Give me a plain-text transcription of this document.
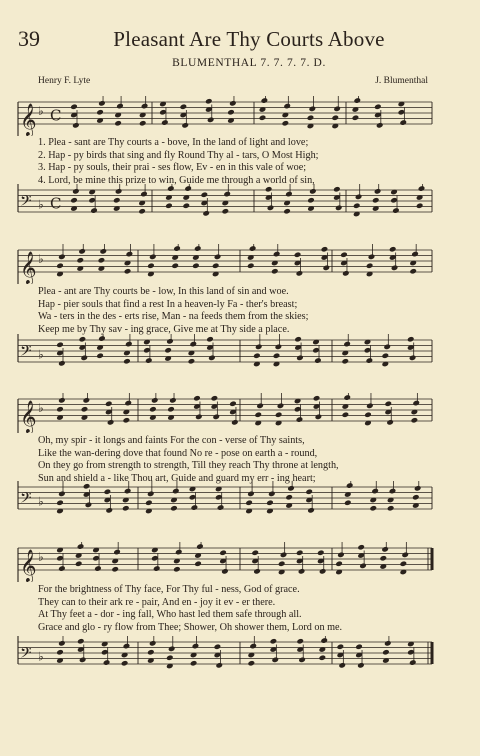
39	Pleasant Are Thy Courts Above
BLUMENTHAL 7. 7. 7. 7. D.
Henry F. Lyte	J. Blumenthal
𝄞 ♭ C
1. Plea - sant are Thy courts a - bove, In the land of light and love;
2. Hap - py birds that sing and fly Round Thy al - tars, O Most High;
3. Hap - py souls, their prai - ses flow, Ev - en in this vale of woe;
4. Lord, be mine this prize to win, Guide me through a world of sin,
𝄢 ♭ C
𝄞 ♭
Plea - ant are Thy courts be - low, In this land of sin and woe.
Hap - pier souls that find a rest In a heaven-ly Fa - ther's breast;
Wa - ters in the des - erts rise, Man - na feeds them from the skies;
Keep me by Thy sav - ing grace, Give me at Thy side a place.
𝄢 ♭
𝄞 ♭
Oh, my spir - it longs and faints For the con - verse of Thy saints,
Like the wan-dering dove that found No re - pose on earth a - round,
On they go from strength to strength, Till they reach Thy throne at length,
Sun and shield a - like Thou art, Guide and guard my err - ing heart;
𝄢 ♭
𝄞 ♭
For the brightness of Thy face, For Thy ful - ness, God of grace.
They can to their ark re - pair, And en - joy it ev - er there.
At Thy feet a - dor - ing fall, Who hast led them safe through all.
Grace and glo - ry flow from Thee; Shower, Oh shower them, Lord on me.
𝄢 ♭
